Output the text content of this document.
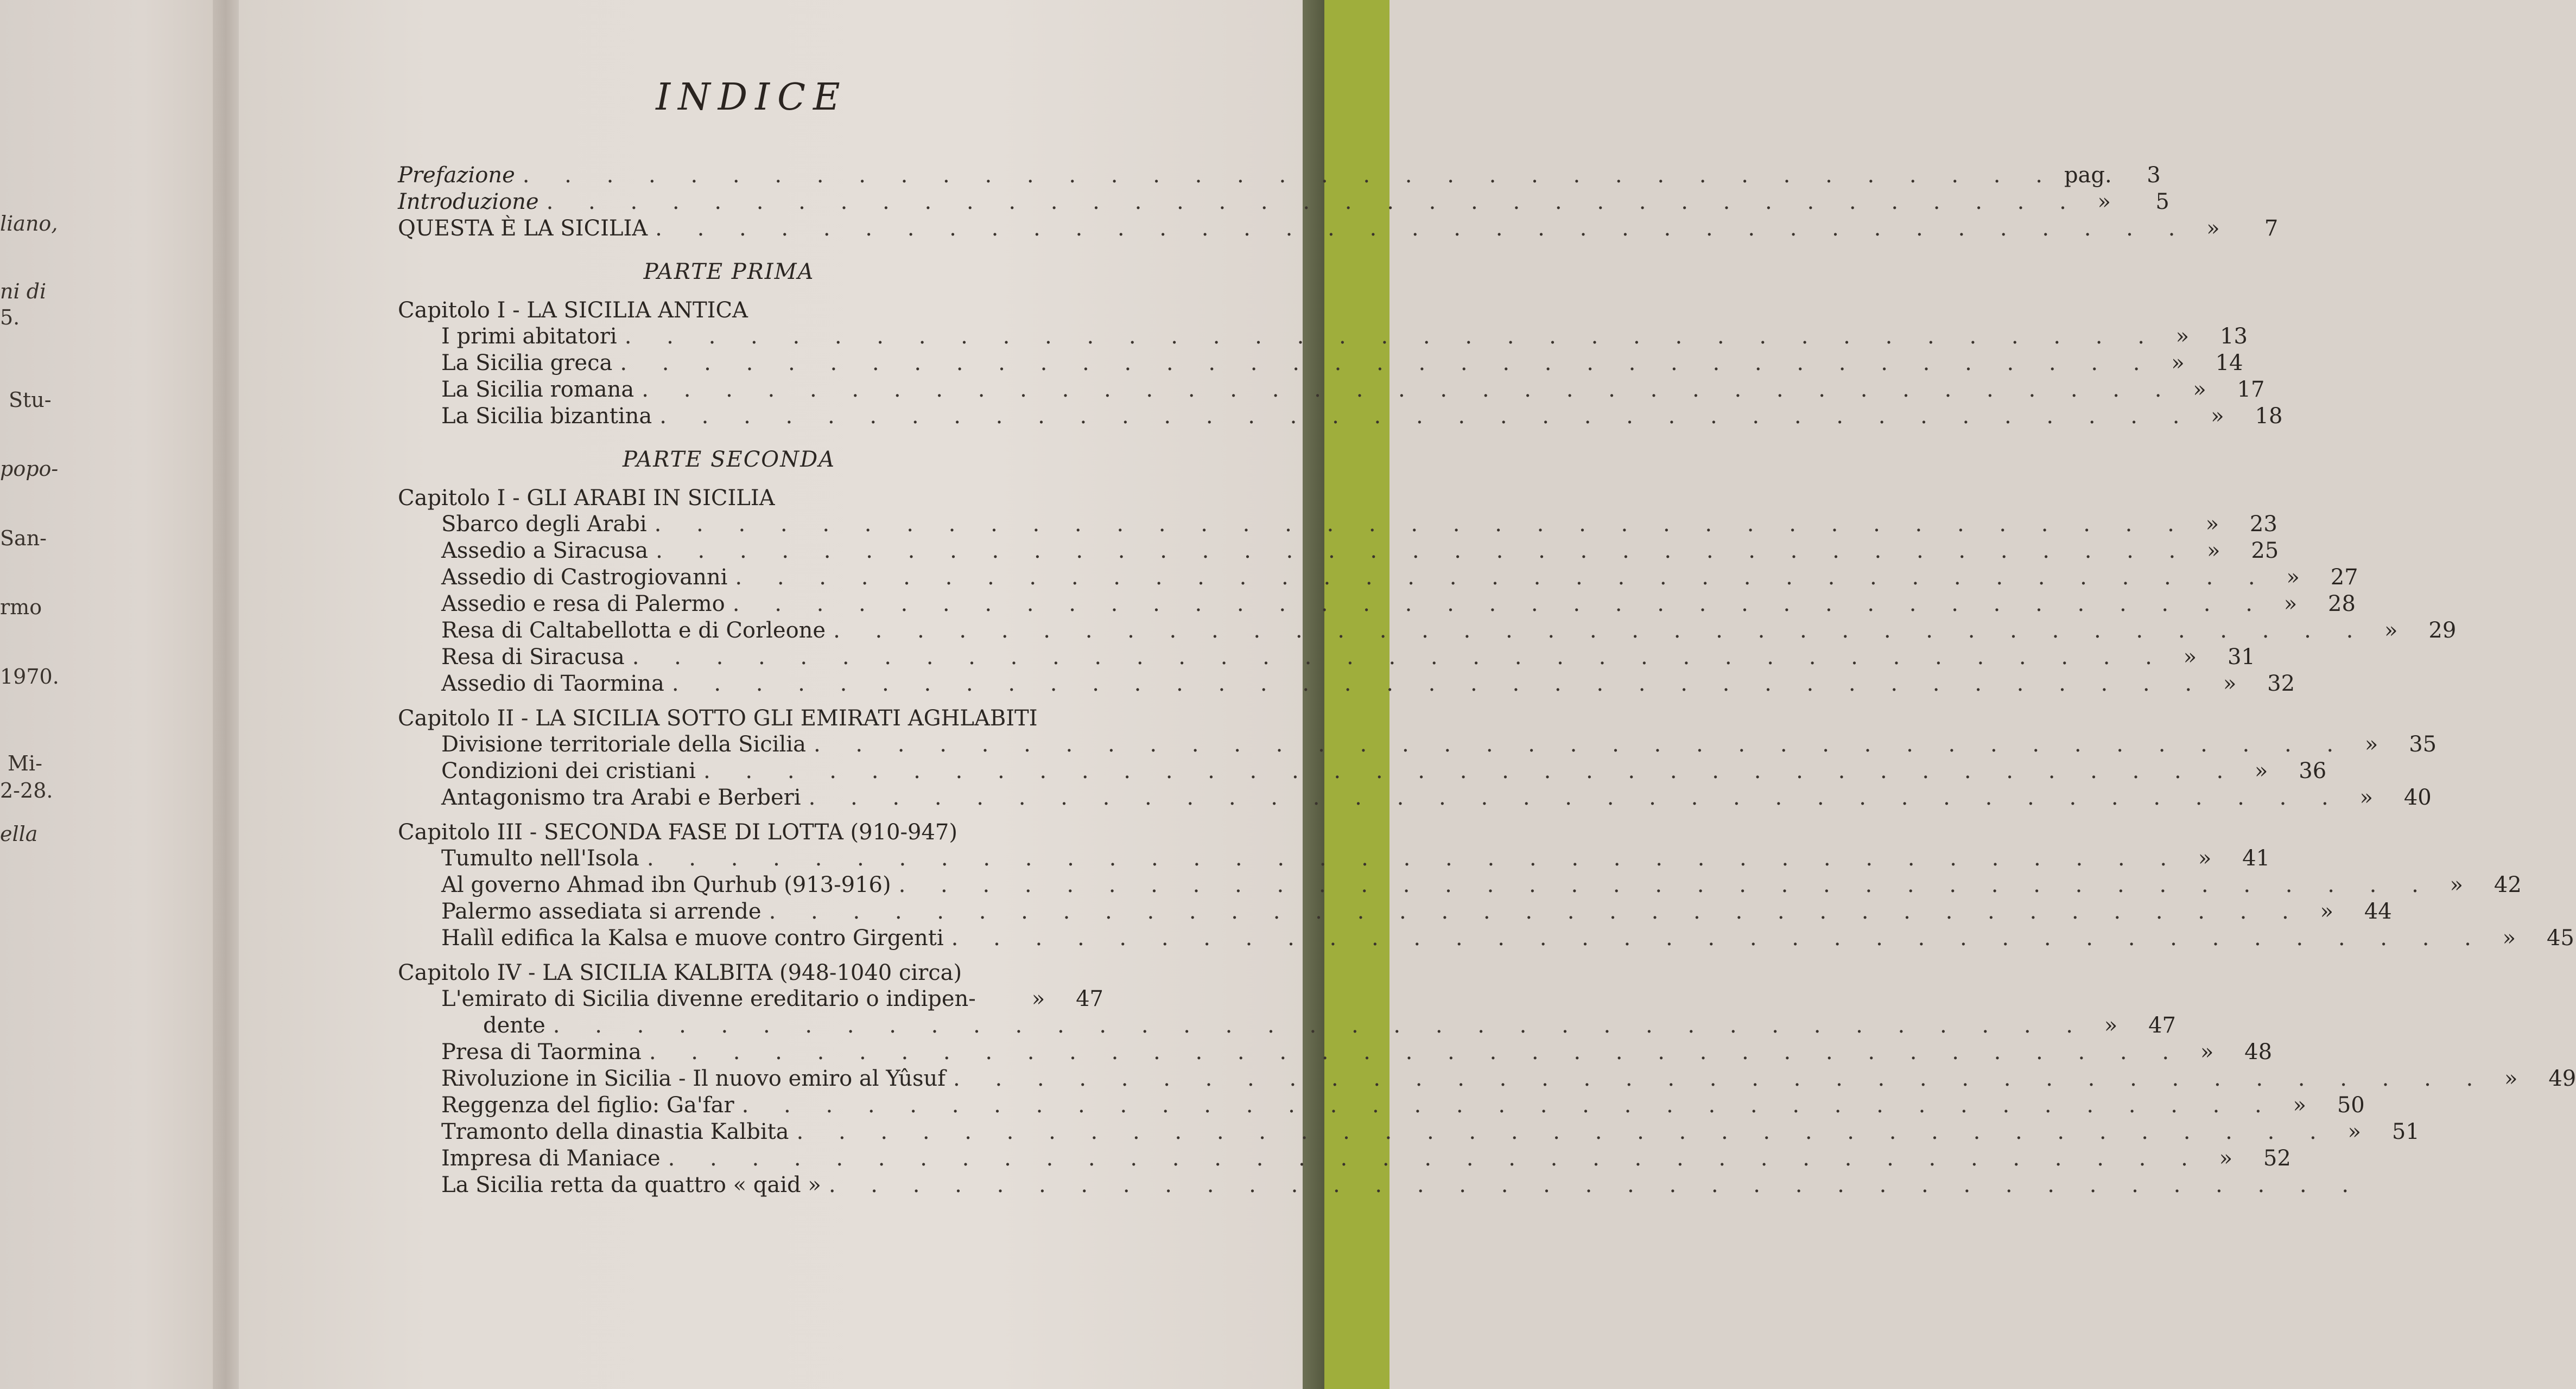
liano,
ni di
5.
Stu-
popo-
San-
rmo
1970.
Mi-
2-28.
ella
INDICE
Prefazione . . . . . . . . . . . . . . . . . . . . . . . . . . . . . . . . . . . . . pag.	3
Introduzione . . . . . . . . . . . . . . . . . . . . . . . . . . . . . . . . . . . . . »	5
QUESTA È LA SICILIA . . . . . . . . . . . . . . . . . . . . . . . . . . . . . . . . . . . . . »	7
PARTE PRIMA
Capitolo I - LA SICILIA ANTICA
I primi abitatori . . . . . . . . . . . . . . . . . . . . . . . . . . . . . . . . . . . . . »	13
La Sicilia greca . . . . . . . . . . . . . . . . . . . . . . . . . . . . . . . . . . . . . »	14
La Sicilia romana . . . . . . . . . . . . . . . . . . . . . . . . . . . . . . . . . . . . . »	17
La Sicilia bizantina . . . . . . . . . . . . . . . . . . . . . . . . . . . . . . . . . . . . . »	18
PARTE SECONDA
Capitolo I - GLI ARABI IN SICILIA
Sbarco degli Arabi . . . . . . . . . . . . . . . . . . . . . . . . . . . . . . . . . . . . . »	23
Assedio a Siracusa . . . . . . . . . . . . . . . . . . . . . . . . . . . . . . . . . . . . . »	25
Assedio di Castrogiovanni . . . . . . . . . . . . . . . . . . . . . . . . . . . . . . . . . . . . . »	27
Assedio e resa di Palermo . . . . . . . . . . . . . . . . . . . . . . . . . . . . . . . . . . . . . »	28
Resa di Caltabellotta e di Corleone . . . . . . . . . . . . . . . . . . . . . . . . . . . . . . . . . . . . . »	29
Resa di Siracusa . . . . . . . . . . . . . . . . . . . . . . . . . . . . . . . . . . . . . »	31
Assedio di Taormina . . . . . . . . . . . . . . . . . . . . . . . . . . . . . . . . . . . . . »	32
Capitolo II - LA SICILIA SOTTO GLI EMIRATI AGHLABITI
Divisione territoriale della Sicilia . . . . . . . . . . . . . . . . . . . . . . . . . . . . . . . . . . . . . »	35
Condizioni dei cristiani . . . . . . . . . . . . . . . . . . . . . . . . . . . . . . . . . . . . . »	36
Antagonismo tra Arabi e Berberi . . . . . . . . . . . . . . . . . . . . . . . . . . . . . . . . . . . . . »	40
Capitolo III - SECONDA FASE DI LOTTA (910-947)
Tumulto nell'Isola . . . . . . . . . . . . . . . . . . . . . . . . . . . . . . . . . . . . . »	41
Al governo Ahmad ibn Qurhub (913-916) . . . . . . . . . . . . . . . . . . . . . . . . . . . . . . . . . . . . . »	42
Palermo assediata si arrende . . . . . . . . . . . . . . . . . . . . . . . . . . . . . . . . . . . . . »	44
Halìl edifica la Kalsa e muove contro Girgenti . . . . . . . . . . . . . . . . . . . . . . . . . . . . . . . . . . . . . »	45
Capitolo IV - LA SICILIA KALBITA (948-1040 circa)
L'emirato di Sicilia divenne ereditario o indipen-	»	47
dente . . . . . . . . . . . . . . . . . . . . . . . . . . . . . . . . . . . . . »	47
Presa di Taormina . . . . . . . . . . . . . . . . . . . . . . . . . . . . . . . . . . . . . »	48
Rivoluzione in Sicilia - Il nuovo emiro al Yûsuf . . . . . . . . . . . . . . . . . . . . . . . . . . . . . . . . . . . . . »	49
Reggenza del figlio: Ga'far . . . . . . . . . . . . . . . . . . . . . . . . . . . . . . . . . . . . . »	50
Tramonto della dinastia Kalbita . . . . . . . . . . . . . . . . . . . . . . . . . . . . . . . . . . . . . »	51
Impresa di Maniace . . . . . . . . . . . . . . . . . . . . . . . . . . . . . . . . . . . . . »	52
La Sicilia retta da quattro « qaid » . . . . . . . . . . . . . . . . . . . . . . . . . . . . . . . . . . . . .
